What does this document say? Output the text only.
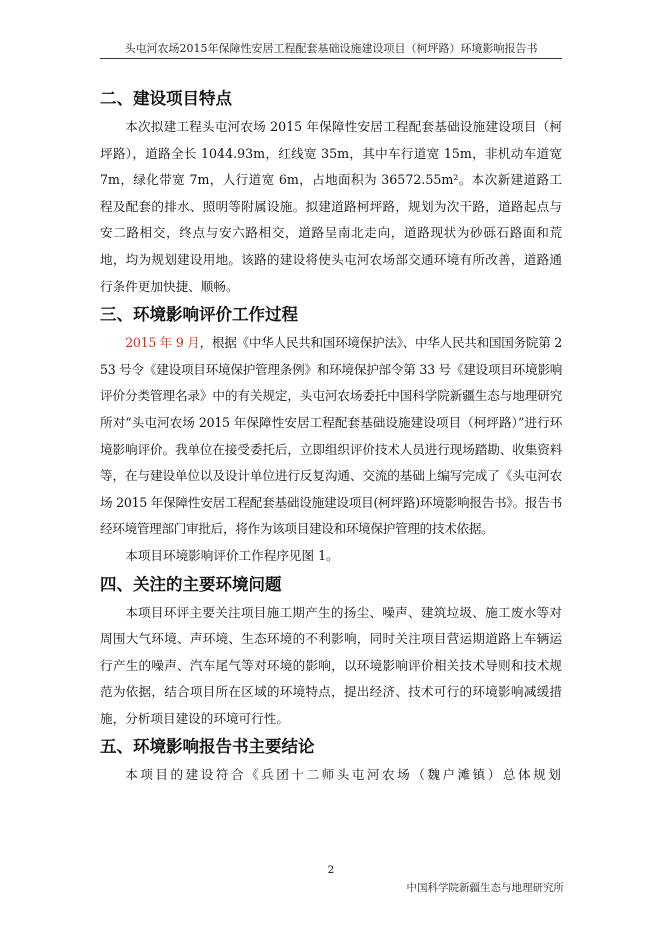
头屯河农场2015年保障性安居工程配套基础设施建设项目（柯坪路）环境影响报告书
二、建设项目特点

本次拟建工程头屯河农场 2015 年保障性安居工程配套基础设施建设项目（柯坪路），道路全长 1044.93m，红线宽 35m，其中车行道宽 15m，非机动车道宽 7m，绿化带宽 7m，人行道宽 6m，占地面积为 36572.55m²。本次新建道路工程及配套的排水、照明等附属设施。拟建道路柯坪路，规划为次干路，道路起点与安二路相交，终点与安六路相交，道路呈南北走向，道路现状为砂砾石路面和荒地，均为规划建设用地。该路的建设将使头屯河农场部交通环境有所改善，道路通行条件更加快捷、顺畅。

三、环境影响评价工作过程

2015 年 9 月，根据《中华人民共和国环境保护法》、中华人民共和国国务院第 253 号令《建设项目环境保护管理条例》和环境保护部令第 33 号《建设项目环境影响评价分类管理名录》中的有关规定，头屯河农场委托中国科学院新疆生态与地理研究所对“头屯河农场 2015 年保障性安居工程配套基础设施建设项目（柯坪路）”进行环境影响评价。我单位在接受委托后，立即组织评价技术人员进行现场踏勘、收集资料等，在与建设单位以及设计单位进行反复沟通、交流的基础上编写完成了《头屯河农场 2015 年保障性安居工程配套基础设施建设项目(柯坪路)环境影响报告书》。报告书经环境管理部门审批后，将作为该项目建设和环境保护管理的技术依据。

本项目环境影响评价工作程序见图 1。

四、关注的主要环境问题

本项目环评主要关注项目施工期产生的扬尘、噪声、建筑垃圾、施工废水等对周围大气环境、声环境、生态环境的不利影响，同时关注项目营运期道路上车辆运行产生的噪声、汽车尾气等对环境的影响，以环境影响评价相关技术导则和技术规范为依据，结合项目所在区域的环境特点，提出经济、技术可行的环境影响减缓措施，分析项目建设的环境可行性。

五、环境影响报告书主要结论

本项目的建设符合《兵团十二师头屯河农场（魏户滩镇）总体规划

2
中国科学院新疆生态与地理研究所
